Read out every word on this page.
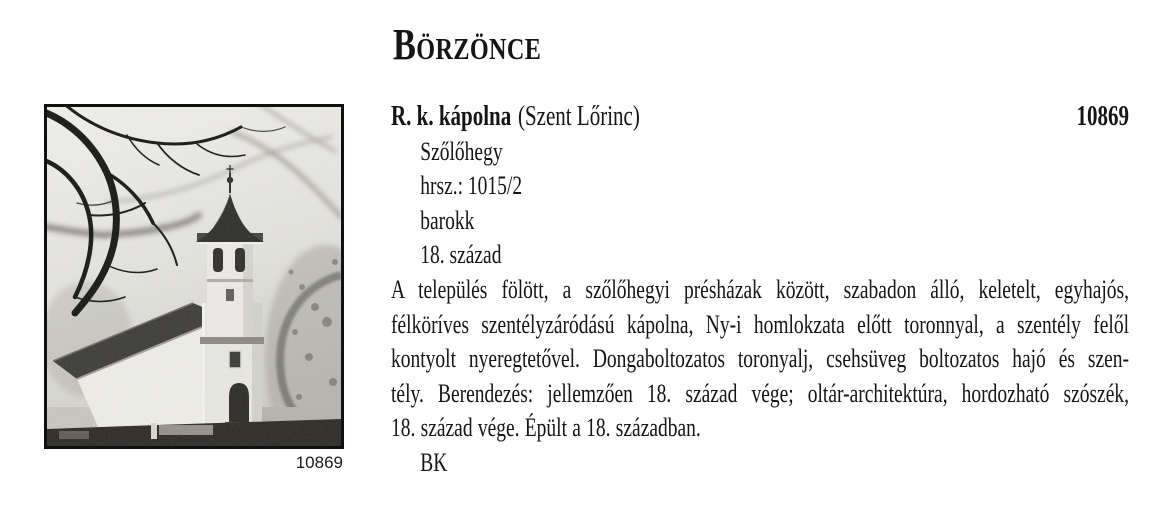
BÖRZÖNCE
10869
R. k. kápolna (Szent Lőrinc)	10869
Szőlőhegy
hrsz.: 1015/2
barokk
18. század
A település fölött, a szőlőhegyi présházak között, szabadon álló, keletelt, egyhajós,
félköríves szentélyzáródású kápolna, Ny-i homlokzata előtt toronnyal, a szentély felől
kontyolt nyeregtetővel. Dongaboltozatos toronyalj, csehsüveg boltozatos hajó és szen-
tély. Berendezés: jellemzően 18. század vége; oltár-architektúra, hordozható szószék,
18. század vége. Épült a 18. században.
BK
